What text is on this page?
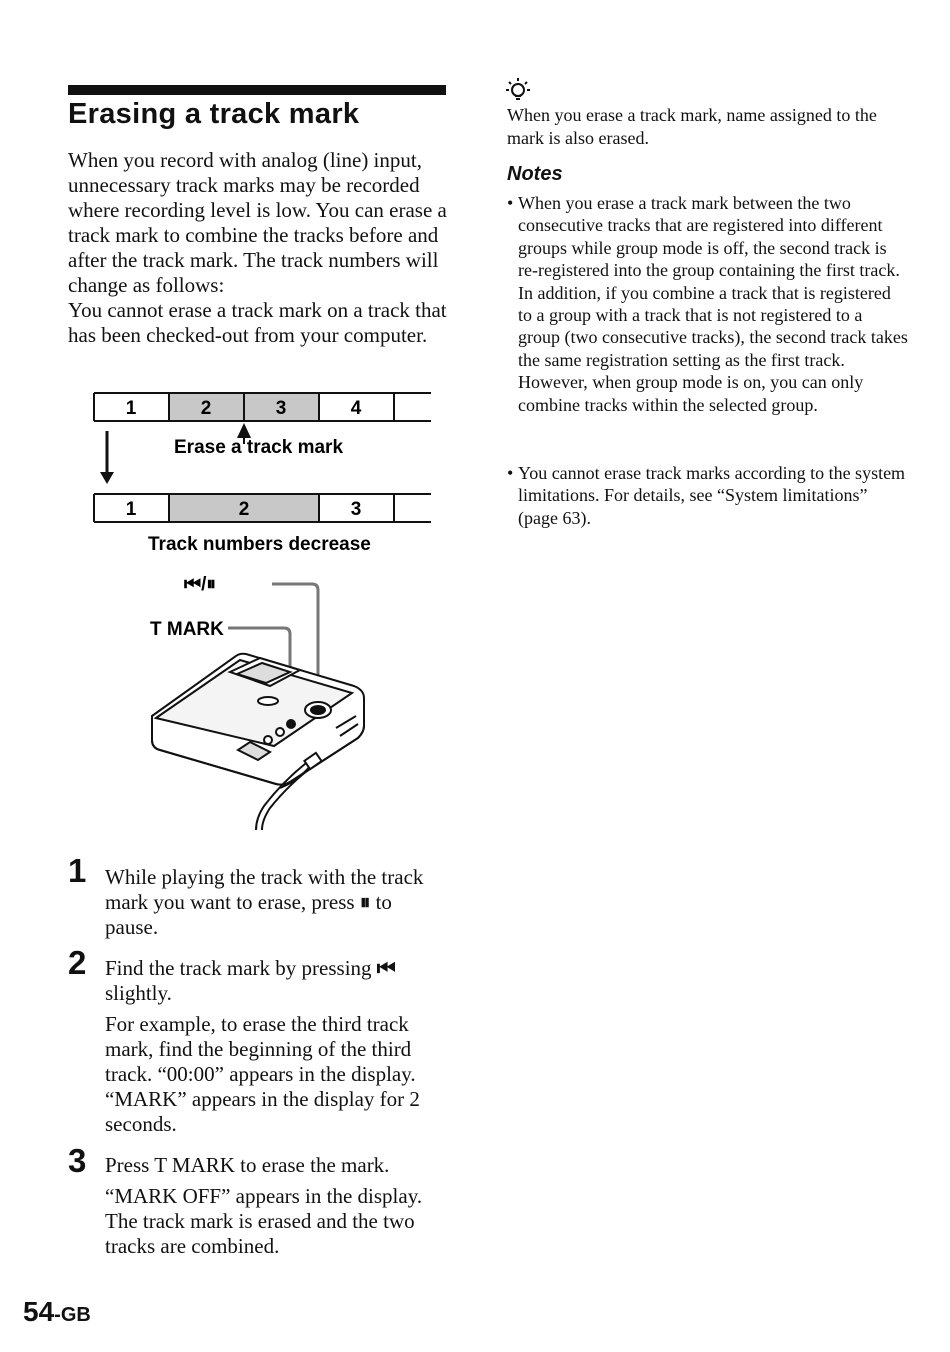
Erasing a track mark
When you record with analog (line) input, unnecessary track marks may be recorded where recording level is low. You can erase a track mark to combine the tracks before and after the track mark. The track numbers will change as follows:
You cannot erase a track mark on a track that has been checked-out from your computer.
1	2	3	4
Erase a track mark
1	2	3
Track numbers decrease
⏮/⏸
T MARK
1 While playing the track with the track mark you want to erase, press ⏸ to pause.
2 Find the track mark by pressing ⏮ slightly.
For example, to erase the third track mark, find the beginning of the third track. “00:00” appears in the display. “MARK” appears in the display for 2 seconds.
3 Press T MARK to erase the mark.
“MARK OFF” appears in the display. The track mark is erased and the two tracks are combined.
When you erase a track mark, name assigned to the mark is also erased.
Notes
• When you erase a track mark between the two consecutive tracks that are registered into different groups while group mode is off, the second track is re-registered into the group containing the first track. In addition, if you combine a track that is registered to a group with a track that is not registered to a group (two consecutive tracks), the second track takes the same registration setting as the first track. However, when group mode is on, you can only combine tracks within the selected group.
• You cannot erase track marks according to the system limitations. For details, see “System limitations” (page 63).
54-GB
